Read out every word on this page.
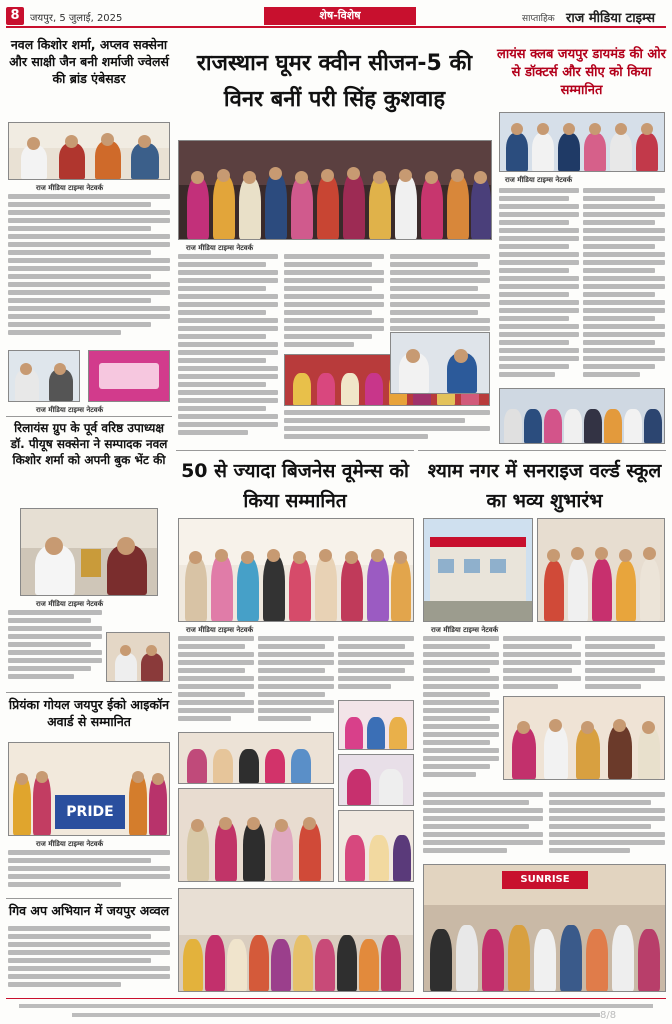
8	जयपुर, 5 जुलाई, 2025	शेष-विशेष	साप्ताहिक राज मीडिया टाइम्स
नवल किशोर शर्मा, अप्लव सक्सेना और साक्षी जैन बनी शर्माजी ज्वेलर्स की ब्रांड एंबेसडर
राज मीडिया टाइम्स नेटवर्क
राज मीडिया टाइम्स नेटवर्क
रिलायंस ग्रुप के पूर्व वरिष्ठ उपाध्यक्ष डॉ. पीयूष सक्सेना ने सम्पादक नवल किशोर शर्मा को अपनी बुक भेंट की
राज मीडिया टाइम्स नेटवर्क
प्रियंका गोयल जयपुर ईको आइकॉन अवार्ड से सम्मानित
PRIDE
राज मीडिया टाइम्स नेटवर्क
गिव अप अभियान में जयपुर अव्वल
राजस्थान घूमर क्वीन सीजन-5 की विनर बनीं परी सिंह कुशवाह
राज मीडिया टाइम्स नेटवर्क
50 से ज्यादा बिजनेस वूमेन्स को किया सम्मानित
राज मीडिया टाइम्स नेटवर्क
लायंस क्लब जयपुर डायमंड की ओर से डॉक्टर्स और सीए को किया सम्मानित
राज मीडिया टाइम्स नेटवर्क
श्याम नगर में सनराइज वर्ल्ड स्कूल का भव्य शुभारंभ
राज मीडिया टाइम्स नेटवर्क
SUNRISE
8/8
